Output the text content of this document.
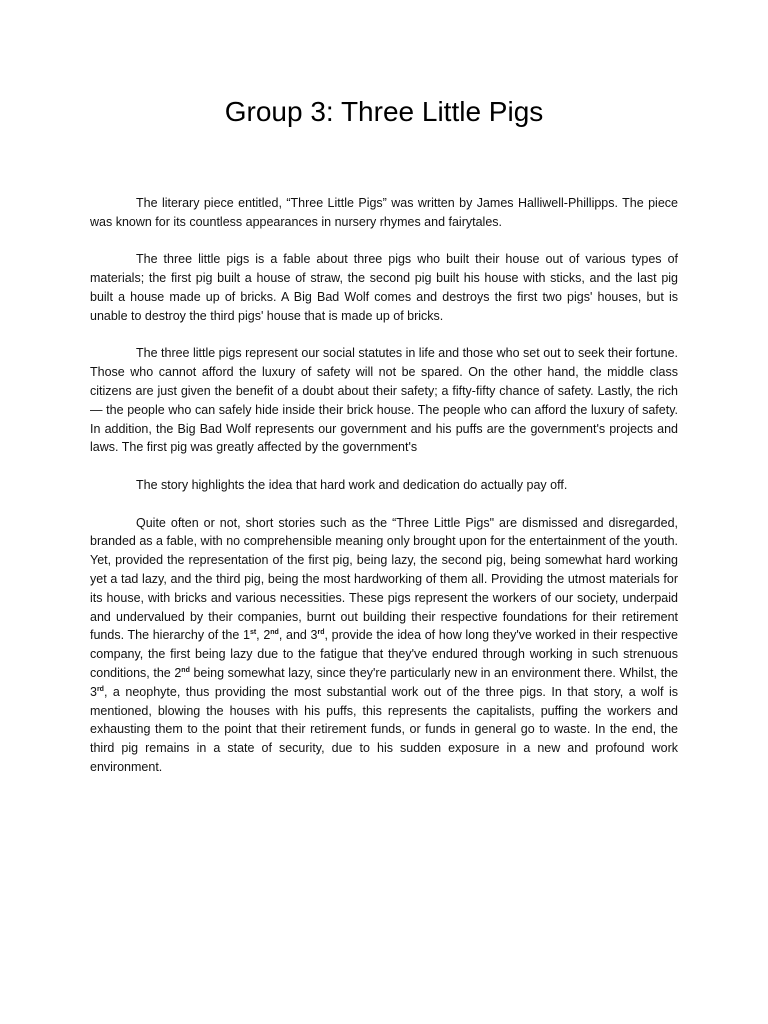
Group 3: Three Little Pigs

The literary piece entitled, “Three Little Pigs” was written by James Halliwell-Phillipps. The piece was known for its countless appearances in nursery rhymes and fairytales.

The three little pigs is a fable about three pigs who built their house out of various types of materials; the first pig built a house of straw, the second pig built his house with sticks, and the last pig built a house made up of bricks. A Big Bad Wolf comes and destroys the first two pigs' houses, but is unable to destroy the third pigs' house that is made up of bricks.

The three little pigs represent our social statutes in life and those who set out to seek their fortune. Those who cannot afford the luxury of safety will not be spared. On the other hand, the middle class citizens are just given the benefit of a doubt about their safety; a fifty-fifty chance of safety. Lastly, the rich — the people who can safely hide inside their brick house. The people who can afford the luxury of safety. In addition, the Big Bad Wolf represents our government and his puffs are the government's projects and laws. The first pig was greatly affected by the government's

The story highlights the idea that hard work and dedication do actually pay off.

Quite often or not, short stories such as the “Three Little Pigs" are dismissed and disregarded, branded as a fable, with no comprehensible meaning only brought upon for the entertainment of the youth. Yet, provided the representation of the first pig, being lazy, the second pig, being somewhat hard working yet a tad lazy, and the third pig, being the most hardworking of them all. Providing the utmost materials for its house, with bricks and various necessities. These pigs represent the workers of our society, underpaid and undervalued by their companies, burnt out building their respective foundations for their retirement funds. The hierarchy of the 1st, 2nd, and 3rd, provide the idea of how long they've worked in their respective company, the first being lazy due to the fatigue that they've endured through working in such strenuous conditions, the 2nd being somewhat lazy, since they're particularly new in an environment there. Whilst, the 3rd, a neophyte, thus providing the most substantial work out of the three pigs. In that story, a wolf is mentioned, blowing the houses with his puffs, this represents the capitalists, puffing the workers and exhausting them to the point that their retirement funds, or funds in general go to waste. In the end, the third pig remains in a state of security, due to his sudden exposure in a new and profound work environment.
